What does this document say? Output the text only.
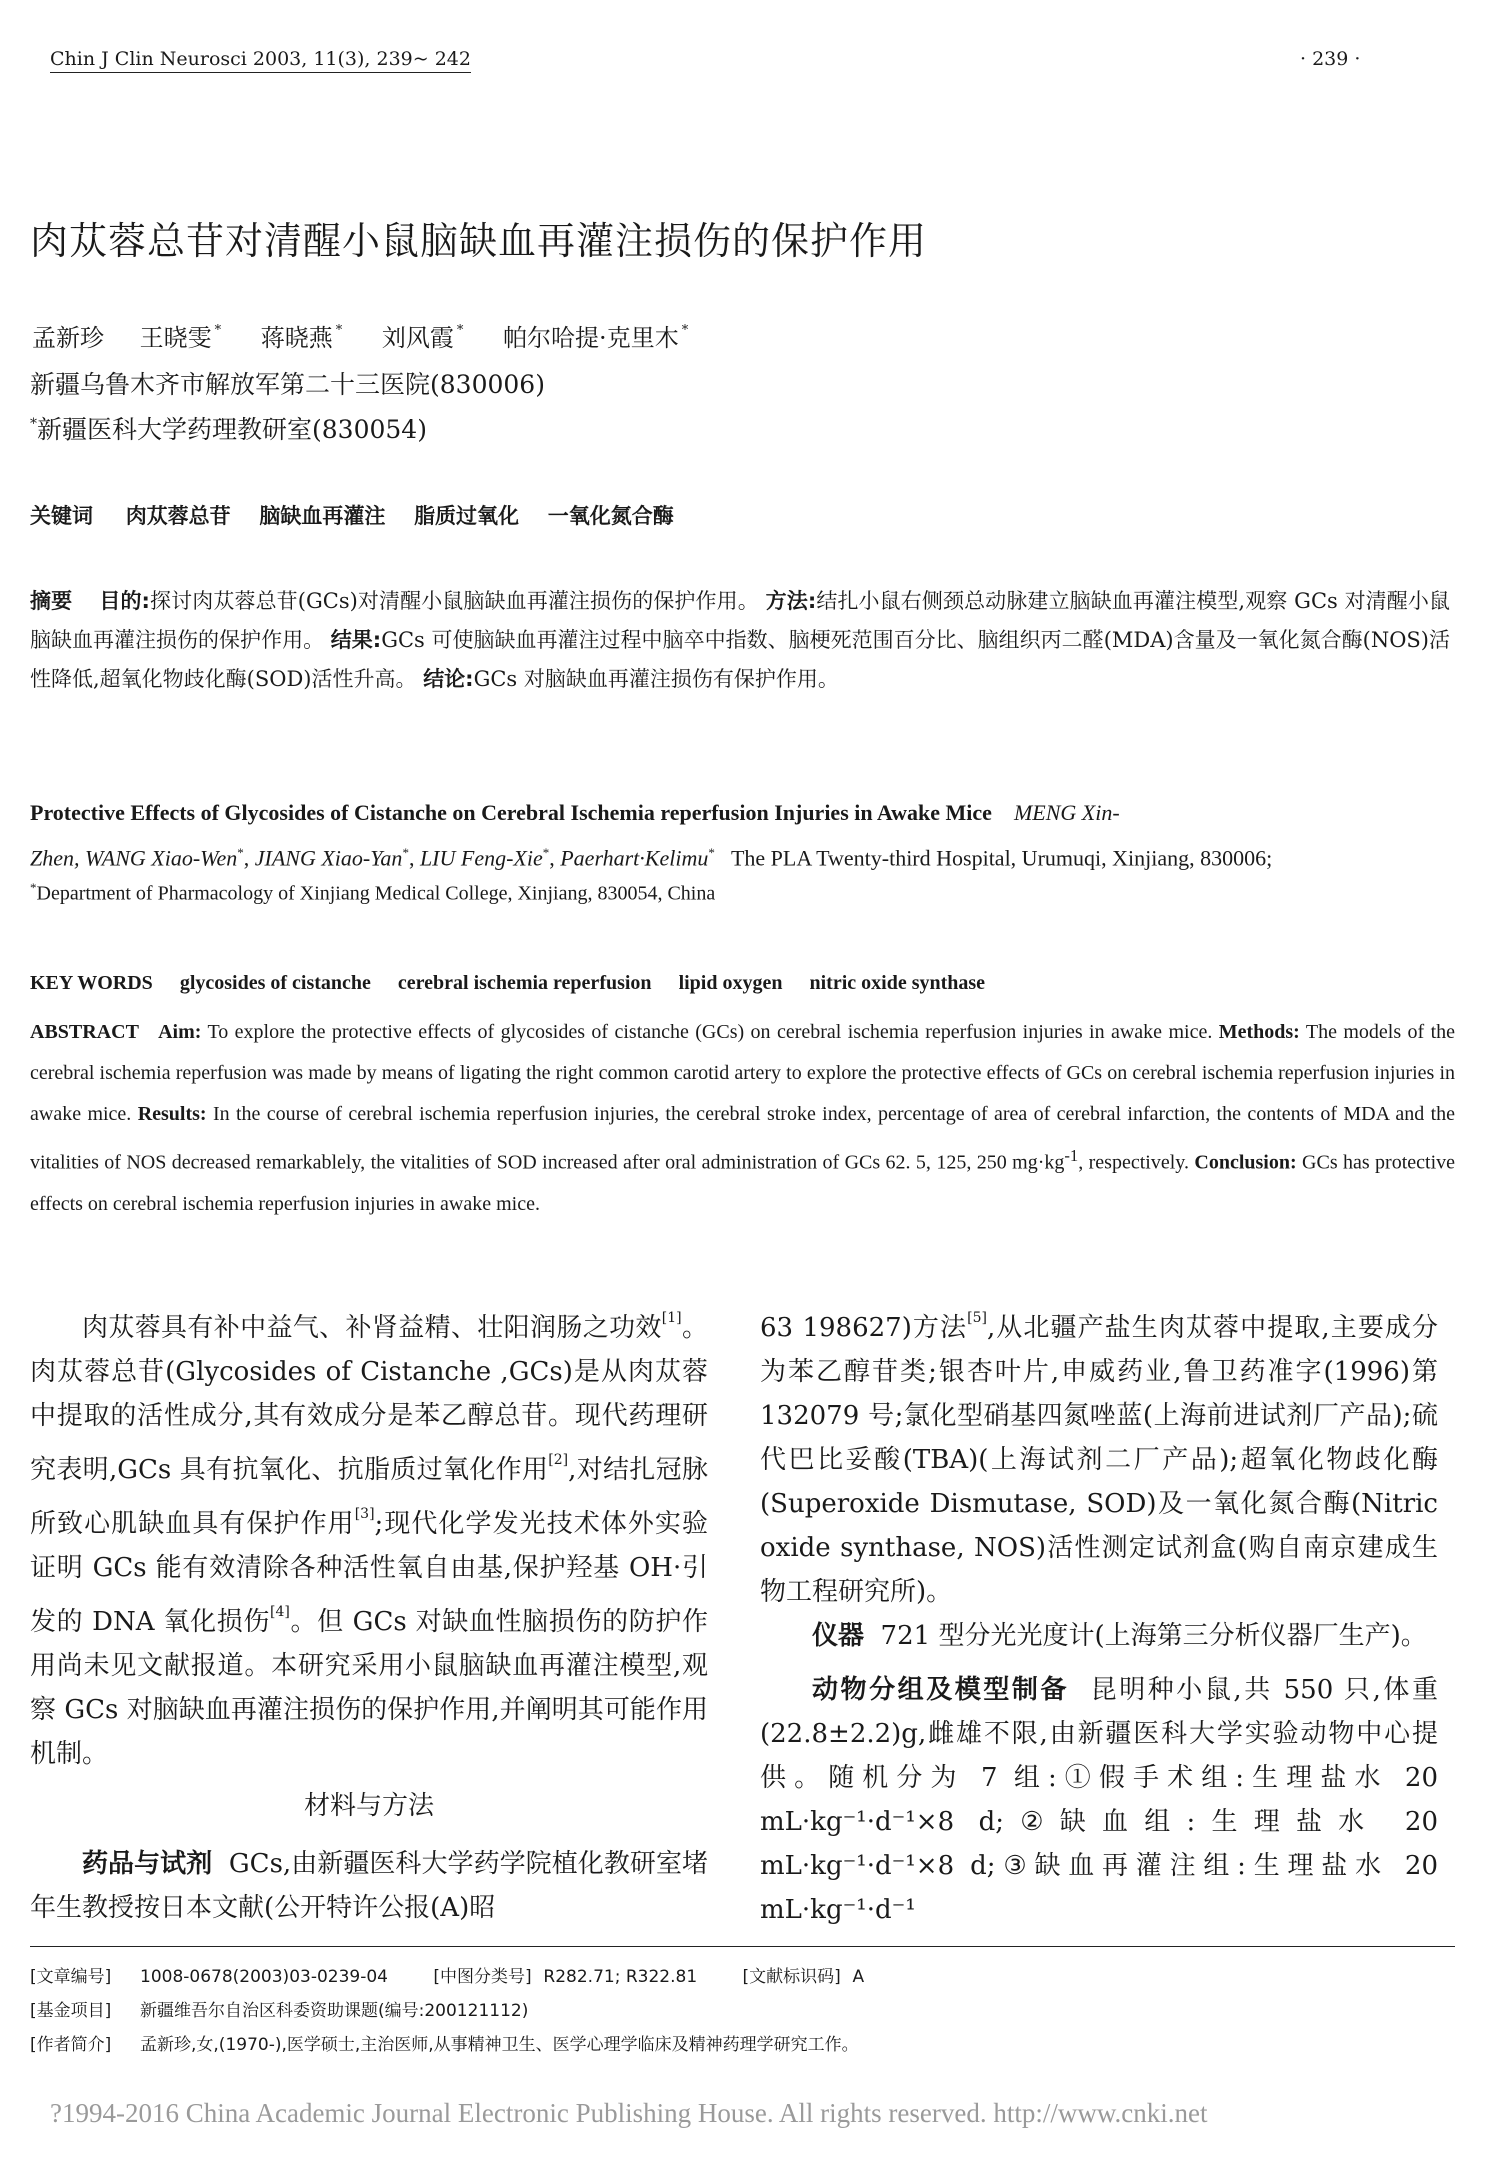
Chin J Clin Neurosci 2003, 11(3), 239~ 242	· 239 ·
肉苁蓉总苷对清醒小鼠脑缺血再灌注损伤的保护作用
孟新珍 王晓雯 * 蒋晓燕 * 刘风霞 * 帕尔哈提·克里木 *
新疆乌鲁木齐市解放军第二十三医院(830006)
*新疆医科大学药理教研室(830054)
关键词 肉苁蓉总苷 脑缺血再灌注 脂质过氧化 一氧化氮合酶
摘要 目的:探讨肉苁蓉总苷(GCs)对清醒小鼠脑缺血再灌注损伤的保护作用。 方法:结扎小鼠右侧颈总动脉建立脑缺血再灌注模型,观察 GCs 对清醒小鼠脑缺血再灌注损伤的保护作用。 结果:GCs 可使脑缺血再灌注过程中脑卒中指数、脑梗死范围百分比、脑组织丙二醛(MDA)含量及一氧化氮合酶(NOS)活性降低,超氧化物歧化酶(SOD)活性升高。 结论:GCs 对脑缺血再灌注损伤有保护作用。
Protective Effects of Glycosides of Cistanche on Cerebral Ischemia reperfusion Injuries in Awake Mice MENG Xin-
Zhen, WANG Xiao-Wen*, JIANG Xiao-Yan*, LIU Feng-Xie*, Paerhart·Kelimu* The PLA Twenty-third Hospital, Urumuqi, Xinjiang, 830006;
*Department of Pharmacology of Xinjiang Medical College, Xinjiang, 830054, China
KEY WORDS glycosides of cistanche cerebral ischemia reperfusion lipid oxygen nitric oxide synthase
ABSTRACT Aim: To explore the protective effects of glycosides of cistanche (GCs) on cerebral ischemia reperfusion injuries in awake mice. Methods: The models of the cerebral ischemia reperfusion was made by means of ligating the right common carotid artery to explore the protective effects of GCs on cerebral ischemia reperfusion injuries in awake mice. Results: In the course of cerebral ischemia reperfusion injuries, the cerebral stroke index, percentage of area of cerebral infarction, the contents of MDA and the vitalities of NOS decreased remarkablely, the vitalities of SOD increased after oral administration of GCs 62. 5, 125, 250 $mg\cdot kg^{-1}$, respectively. Conclusion: GCs has protective effects on cerebral ischemia reperfusion injuries in awake mice.

肉苁蓉具有补中益气、补肾益精、壮阳润肠之功效[1]。肉苁蓉总苷(Glycosides of Cistanche ,GCs)是从肉苁蓉中提取的活性成分,其有效成分是苯乙醇总苷。现代药理研究表明,GCs 具有抗氧化、抗脂质过氧化作用[2],对结扎冠脉所致心肌缺血具有保护作用[3];现代化学发光技术体外实验证明 GCs 能有效清除各种活性氧自由基,保护羟基 OH·引发的 DNA 氧化损伤[4]。但 GCs 对缺血性脑损伤的防护作用尚未见文献报道。本研究采用小鼠脑缺血再灌注模型,观察 GCs 对脑缺血再灌注损伤的保护作用,并阐明其可能作用机制。

材料与方法

药品与试剂 GCs,由新疆医科大学药学院植化教研室堵年生教授按日本文献(公开特许公报(A)昭

63 198627)方法[5],从北疆产盐生肉苁蓉中提取,主要成分为苯乙醇苷类;银杏叶片,申威药业,鲁卫药准字(1996)第 132079 号;氯化型硝基四氮唑蓝(上海前进试剂厂产品);硫代巴比妥酸(TBA)(上海试剂二厂产品);超氧化物歧化酶(Superoxide Dismutase, SOD)及一氧化氮合酶(Nitric oxide synthase, NOS)活性测定试剂盒(购自南京建成生物工程研究所)。

仪器 721 型分光光度计(上海第三分析仪器厂生产)。

动物分组及模型制备 昆明种小鼠,共 550 只,体重(22.8±2.2)g,雌雄不限,由新疆医科大学实验动物中心提供。随机分为 7 组:①假手术组:生理盐水 20 mL·kg⁻¹·d⁻¹×8 d;②缺血组:生理盐水 20 mL·kg⁻¹·d⁻¹×8 d;③缺血再灌注组:生理盐水 20 mL·kg⁻¹·d⁻¹

[文章编号] 1008-0678(2003)03-0239-04	[中图分类号] R282.71; R322.81	[文献标识码] A
[基金项目] 新疆维吾尔自治区科委资助课题(编号:200121112)
[作者简介] 孟新珍,女,(1970-),医学硕士,主治医师,从事精神卫生、医学心理学临床及精神药理学研究工作。
?1994-2016 China Academic Journal Electronic Publishing House. All rights reserved. http://www.cnki.net
